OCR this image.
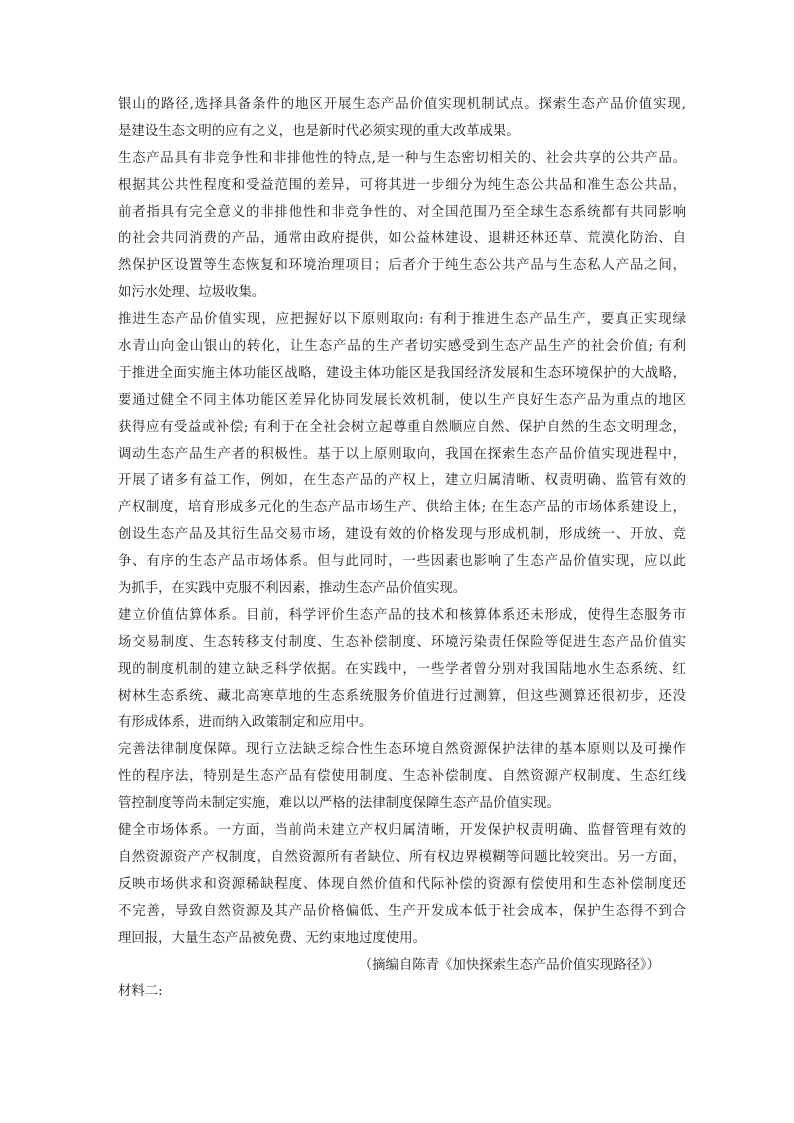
银山的路径,选择具备条件的地区开展生态产品价值实现机制试点。探索生态产品价值实现,
是建设生态文明的应有之义，也是新时代必须实现的重大改革成果。
生态产品具有非竞争性和非排他性的特点,是一种与生态密切相关的、社会共享的公共产品。
根据其公共性程度和受益范围的差异，可将其进一步细分为纯生态公共品和准生态公共品，
前者指具有完全意义的非排他性和非竞争性的、对全国范围乃至全球生态系统都有共同影响
的社会共同消费的产品，通常由政府提供，如公益林建设、退耕还林还草、荒漠化防治、自
然保护区设置等生态恢复和环境治理项目；后者介于纯生态公共产品与生态私人产品之间，
如污水处理、垃圾收集。
推进生态产品价值实现，应把握好以下原则取向: 有利于推进生态产品生产，要真正实现绿
水青山向金山银山的转化，让生态产品的生产者切实感受到生态产品生产的社会价值; 有利
于推进全面实施主体功能区战略，建设主体功能区是我国经济发展和生态环境保护的大战略，
要通过健全不同主体功能区差异化协同发展长效机制，使以生产良好生态产品为重点的地区
获得应有受益或补偿; 有利于在全社会树立起尊重自然顺应自然、保护自然的生态文明理念，
调动生态产品生产者的积极性。基于以上原则取向，我国在探索生态产品价值实现进程中，
开展了诸多有益工作，例如，在生态产品的产权上，建立归属清晰、权责明确、监管有效的
产权制度，培育形成多元化的生态产品市场生产、供给主体; 在生态产品的市场体系建设上，
创设生态产品及其衍生品交易市场，建设有效的价格发现与形成机制，形成统一、开放、竞
争、有序的生态产品市场体系。但与此同时，一些因素也影响了生态产品价值实现，应以此
为抓手，在实践中克服不利因素，推动生态产品价值实现。
建立价值估算体系。目前，科学评价生态产品的技术和核算体系还未形成，使得生态服务市
场交易制度、生态转移支付制度、生态补偿制度、环境污染责任保险等促进生态产品价值实
现的制度机制的建立缺乏科学依据。在实践中，一些学者曾分别对我国陆地水生态系统、红
树林生态系统、藏北高寒草地的生态系统服务价值进行过测算，但这些测算还很初步，还没
有形成体系，进而纳入政策制定和应用中。
完善法律制度保障。现行立法缺乏综合性生态环境自然资源保护法律的基本原则以及可操作
性的程序法，特别是生态产品有偿使用制度、生态补偿制度、自然资源产权制度、生态红线
管控制度等尚未制定实施，难以以严格的法律制度保障生态产品价值实现。
健全市场体系。一方面，当前尚未建立产权归属清晰，开发保护权责明确、监督管理有效的
自然资源资产产权制度，自然资源所有者缺位、所有权边界模糊等问题比较突出。另一方面，
反映市场供求和资源稀缺程度、体现自然价值和代际补偿的资源有偿使用和生态补偿制度还
不完善，导致自然资源及其产品价格偏低、生产开发成本低于社会成本，保护生态得不到合
理回报，大量生态产品被免费、无约束地过度使用。
（摘编自陈青《加快探索生态产品价值实现路径》）
材料二:
